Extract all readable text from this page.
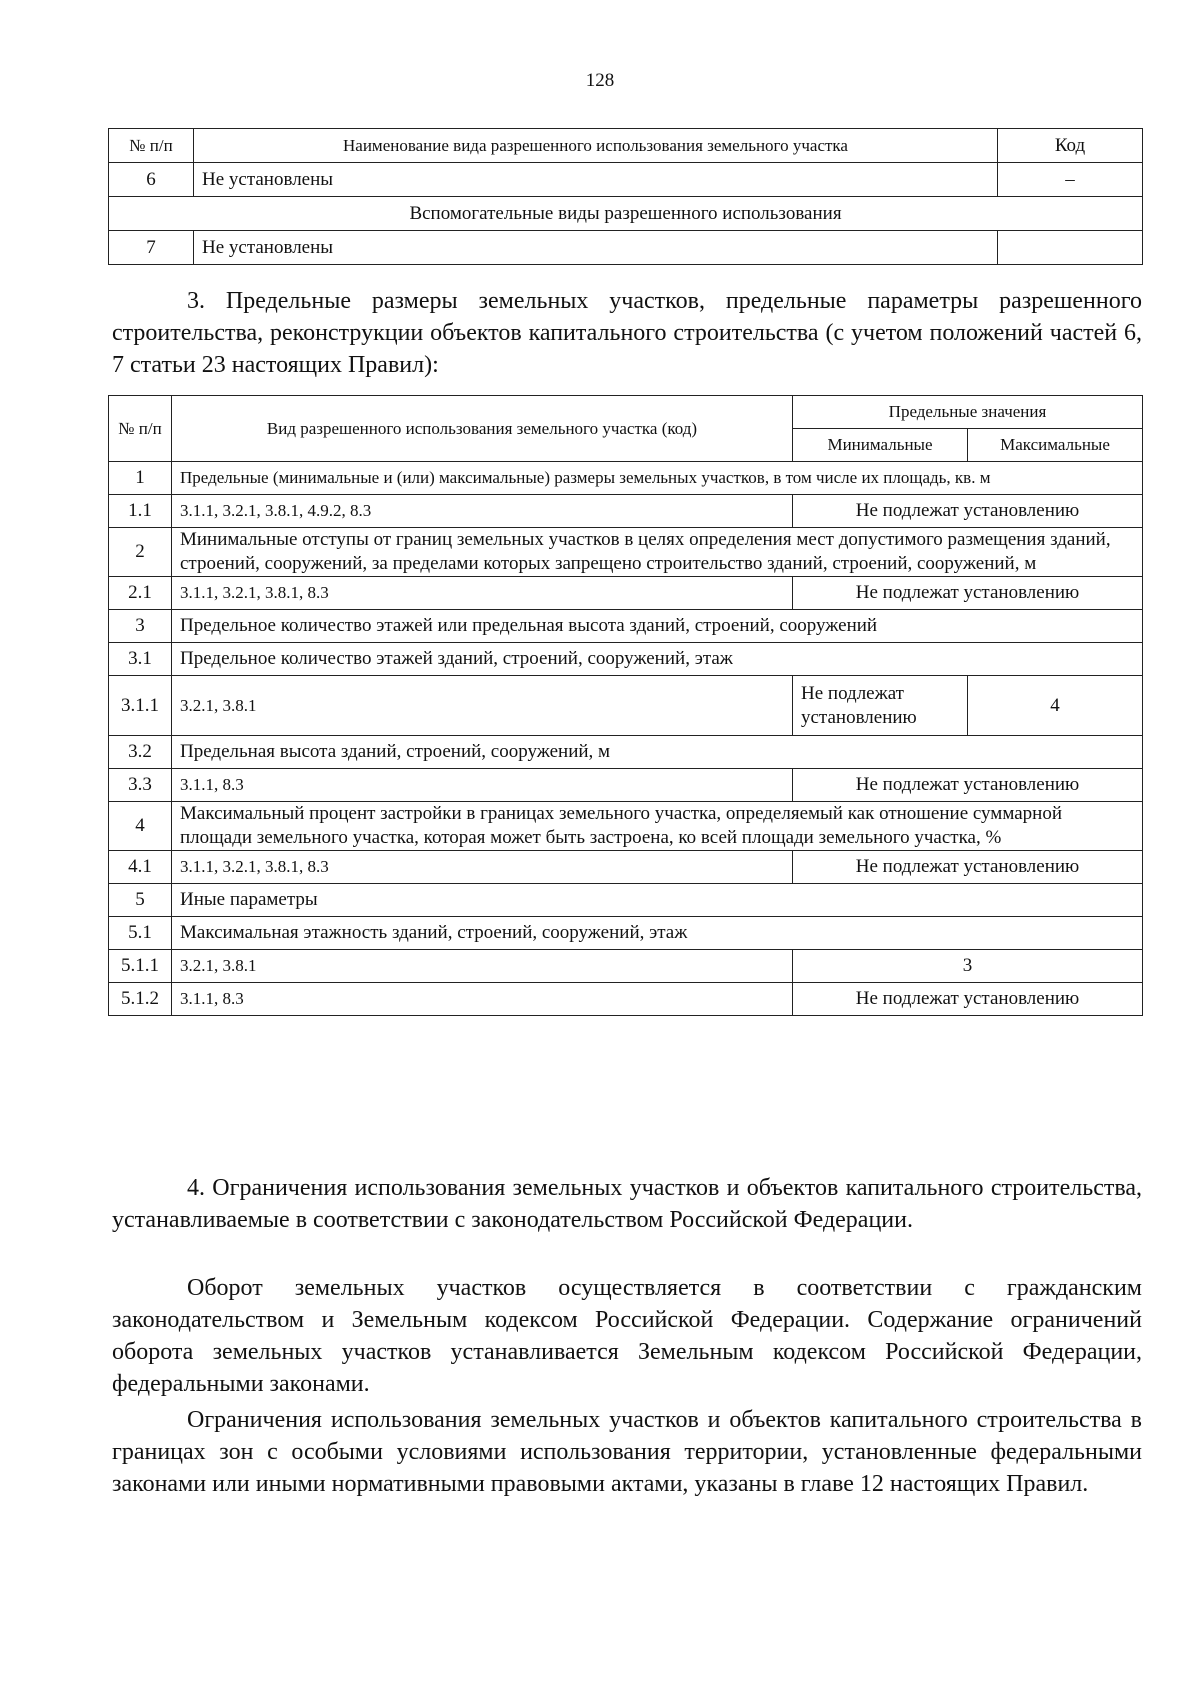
128
№ п/п	Наименование вида разрешенного использования земельного участка	Код
6	Не установлены	–
Вспомогательные виды разрешенного использования		
7	Не установлены	

3. Предельные размеры земельных участков, предельные параметры разрешенного строительства, реконструкции объектов капитального строительства (с учетом положений частей 6, 7 статьи 23 настоящих Правил):

№ п/п	Вид разрешенного использования земельного участка (код)	Предельные значения	
		Минимальные	Максимальные
1	Предельные (минимальные и (или) максимальные) размеры земельных участков, в том числе их площадь, кв. м		
1.1	3.1.1, 3.2.1, 3.8.1, 4.9.2, 8.3	Не подлежат установлению	
2	Минимальные отступы от границ земельных участков в целях определения мест допустимого размещения зданий, строений, сооружений, за пределами которых запрещено строительство зданий, строений, сооружений, м		
2.1	3.1.1, 3.2.1, 3.8.1, 8.3	Не подлежат установлению	
3	Предельное количество этажей или предельная высота зданий, строений, сооружений		
3.1	Предельное количество этажей зданий, строений, сооружений, этаж		
3.1.1	3.2.1, 3.8.1	Не подлежат установлению	4
3.2	Предельная высота зданий, строений, сооружений, м		
3.3	3.1.1, 8.3	Не подлежат установлению	
4	Максимальный процент застройки в границах земельного участка, определяемый как отношение суммарной площади земельного участка, которая может быть застроена, ко всей площади земельного участка, %		
4.1	3.1.1, 3.2.1, 3.8.1, 8.3	Не подлежат установлению	
5	Иные параметры		
5.1	Максимальная этажность зданий, строений, сооружений, этаж		
5.1.1	3.2.1, 3.8.1	3	
5.1.2	3.1.1, 8.3	Не подлежат установлению	

4. Ограничения использования земельных участков и объектов капитального строительства, устанавливаемые в соответствии с законодательством Российской Федерации.

Оборот земельных участков осуществляется в соответствии с гражданским законодательством и Земельным кодексом Российской Федерации. Содержание ограничений оборота земельных участков устанавливается Земельным кодексом Российской Федерации, федеральными законами.

Ограничения использования земельных участков и объектов капитального строительства в границах зон с особыми условиями использования территории, установленные федеральными законами или иными нормативными правовыми актами, указаны в главе 12 настоящих Правил.
